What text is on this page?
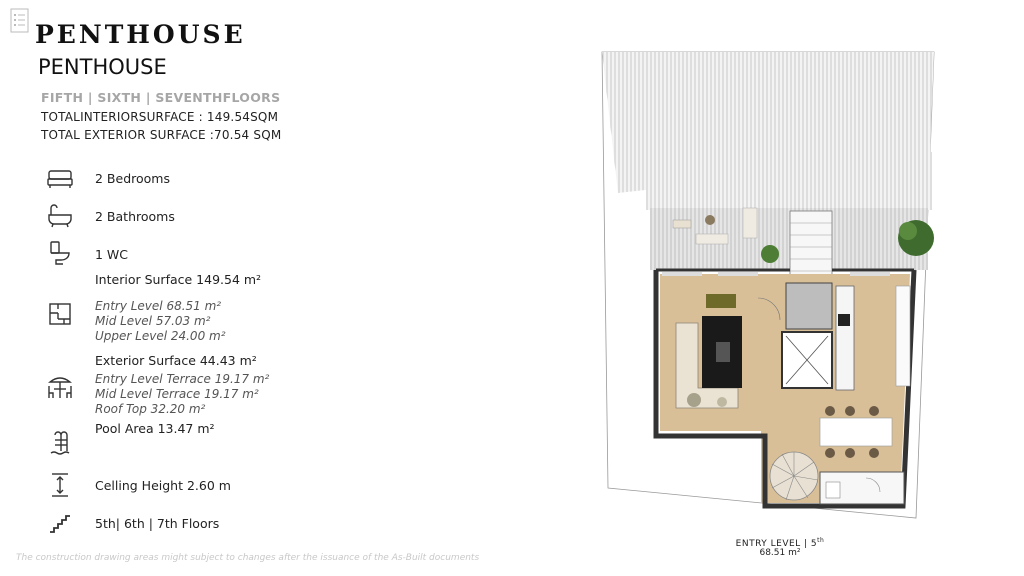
PENTHOUSE
PENTHOUSE
FIFTH | SIXTH | SEVENTHFLOORS
TOTALINTERIORSURFACE : 149.54SQM
TOTAL EXTERIOR SURFACE :70.54 SQM
2 Bedrooms
2 Bathrooms
1 WC
Interior Surface 149.54 m²
Entry Level 68.51 m²
Mid Level 57.03 m²
Upper Level 24.00 m²
Exterior Surface 44.43 m²
Entry Level Terrace 19.17 m²
Mid Level Terrace 19.17 m²
Roof Top 32.20 m²
Pool Area 13.47 m²
Celling Height 2.60 m
5th| 6th | 7th Floors
The construction drawing areas might subject to changes after the issuance of the As-Built documents
ENTRY LEVEL | 5th
68.51 m²
